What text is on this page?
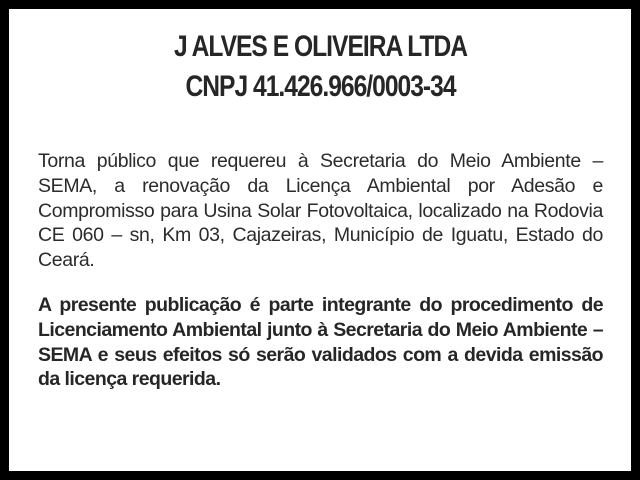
J ALVES E OLIVEIRA LTDA
CNPJ 41.426.966/0003-34

Torna público que requereu à Secretaria do Meio Ambiente – SEMA, a renovação da Licença Ambiental por Adesão e Compromisso para Usina Solar Fotovoltaica, localizado na Rodovia CE 060 – sn, Km 03, Cajazeiras, Município de Iguatu, Estado do Ceará.

A presente publicação é parte integrante do procedimento de Licenciamento Ambiental junto à Secretaria do Meio Ambiente – SEMA e seus efeitos só serão validados com a devida emissão da licença requerida.
